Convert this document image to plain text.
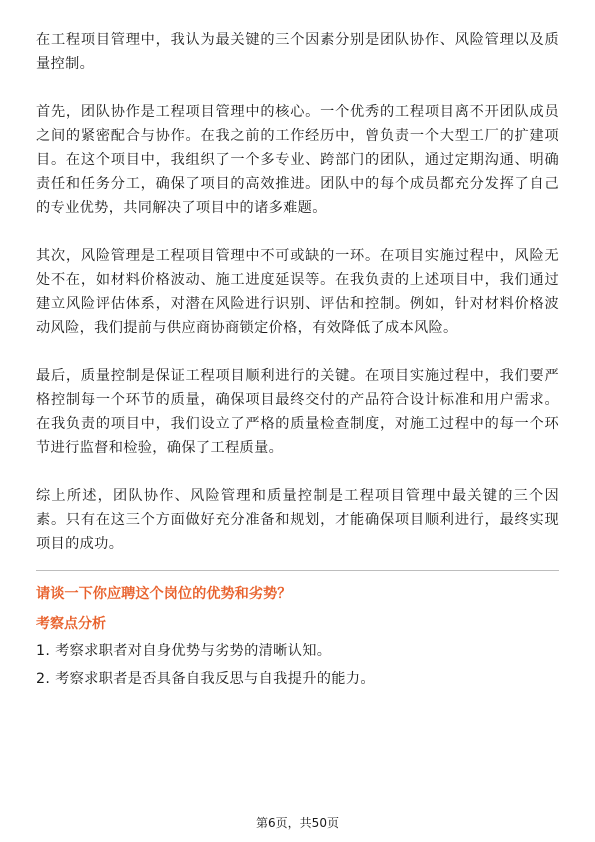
在工程项目管理中，我认为最关键的三个因素分别是团队协作、风险管理以及质量控制。

首先，团队协作是工程项目管理中的核心。一个优秀的工程项目离不开团队成员之间的紧密配合与协作。在我之前的工作经历中，曾负责一个大型工厂的扩建项目。在这个项目中，我组织了一个多专业、跨部门的团队，通过定期沟通、明确责任和任务分工，确保了项目的高效推进。团队中的每个成员都充分发挥了自己的专业优势，共同解决了项目中的诸多难题。

其次，风险管理是工程项目管理中不可或缺的一环。在项目实施过程中，风险无处不在，如材料价格波动、施工进度延误等。在我负责的上述项目中，我们通过建立风险评估体系，对潜在风险进行识别、评估和控制。例如，针对材料价格波动风险，我们提前与供应商协商锁定价格，有效降低了成本风险。

最后，质量控制是保证工程项目顺利进行的关键。在项目实施过程中，我们要严格控制每一个环节的质量，确保项目最终交付的产品符合设计标准和用户需求。在我负责的项目中，我们设立了严格的质量检查制度，对施工过程中的每一个环节进行监督和检验，确保了工程质量。

综上所述，团队协作、风险管理和质量控制是工程项目管理中最关键的三个因素。只有在这三个方面做好充分准备和规划，才能确保项目顺利进行，最终实现项目的成功。

请谈一下你应聘这个岗位的优势和劣势？
考察点分析
1. 考察求职者对自身优势与劣势的清晰认知。
2. 考察求职者是否具备自我反思与自我提升的能力。
第6页，共50页
